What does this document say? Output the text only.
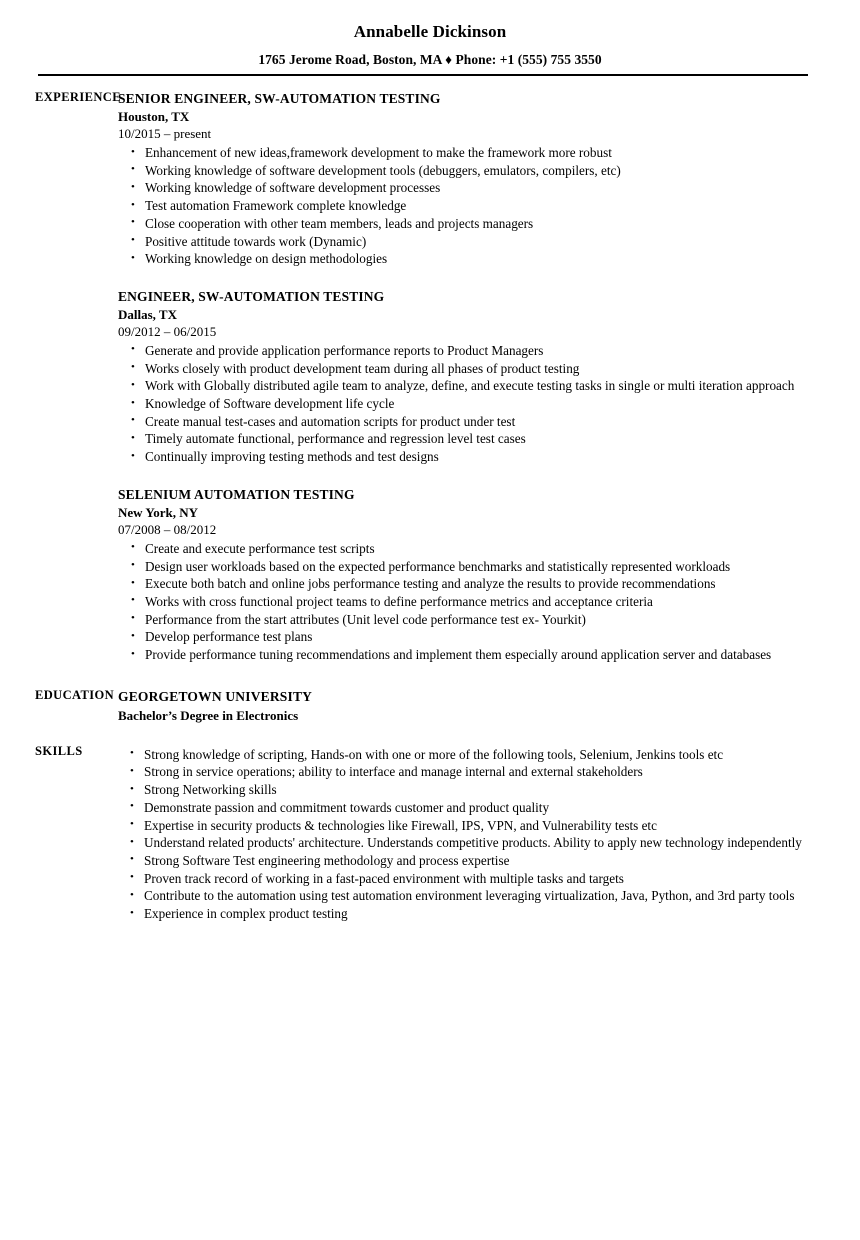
Annabelle Dickinson
1765 Jerome Road, Boston, MA ♦ Phone: +1 (555) 755 3550
EXPERIENCE
SENIOR ENGINEER, SW-AUTOMATION TESTING
Houston, TX
10/2015 – present
• Enhancement of new ideas,framework development to make the framework more robust
• Working knowledge of software development tools (debuggers, emulators, compilers, etc)
• Working knowledge of software development processes
• Test automation Framework complete knowledge
• Close cooperation with other team members, leads and projects managers
• Positive attitude towards work (Dynamic)
• Working knowledge on design methodologies
ENGINEER, SW-AUTOMATION TESTING
Dallas, TX
09/2012 – 06/2015
• Generate and provide application performance reports to Product Managers
• Works closely with product development team during all phases of product testing
• Work with Globally distributed agile team to analyze, define, and execute testing tasks in single or multi iteration approach
• Knowledge of Software development life cycle
• Create manual test-cases and automation scripts for product under test
• Timely automate functional, performance and regression level test cases
• Continually improving testing methods and test designs
SELENIUM AUTOMATION TESTING
New York, NY
07/2008 – 08/2012
• Create and execute performance test scripts
• Design user workloads based on the expected performance benchmarks and statistically represented workloads
• Execute both batch and online jobs performance testing and analyze the results to provide recommendations
• Works with cross functional project teams to define performance metrics and acceptance criteria
• Performance from the start attributes (Unit level code performance test ex- Yourkit)
• Develop performance test plans
• Provide performance tuning recommendations and implement them especially around application server and databases
EDUCATION GEORGETOWN UNIVERSITY
Bachelor’s Degree in Electronics
SKILLS	• Strong knowledge of scripting, Hands-on with one or more of the following tools, Selenium, Jenkins tools etc
• Strong in service operations; ability to interface and manage internal and external stakeholders
• Strong Networking skills
• Demonstrate passion and commitment towards customer and product quality
• Expertise in security products & technologies like Firewall, IPS, VPN, and Vulnerability tests etc
• Understand related products' architecture. Understands competitive products. Ability to apply new technology independently
• Strong Software Test engineering methodology and process expertise
• Proven track record of working in a fast-paced environment with multiple tasks and targets
• Contribute to the automation using test automation environment leveraging virtualization, Java, Python, and 3rd party tools
• Experience in complex product testing
